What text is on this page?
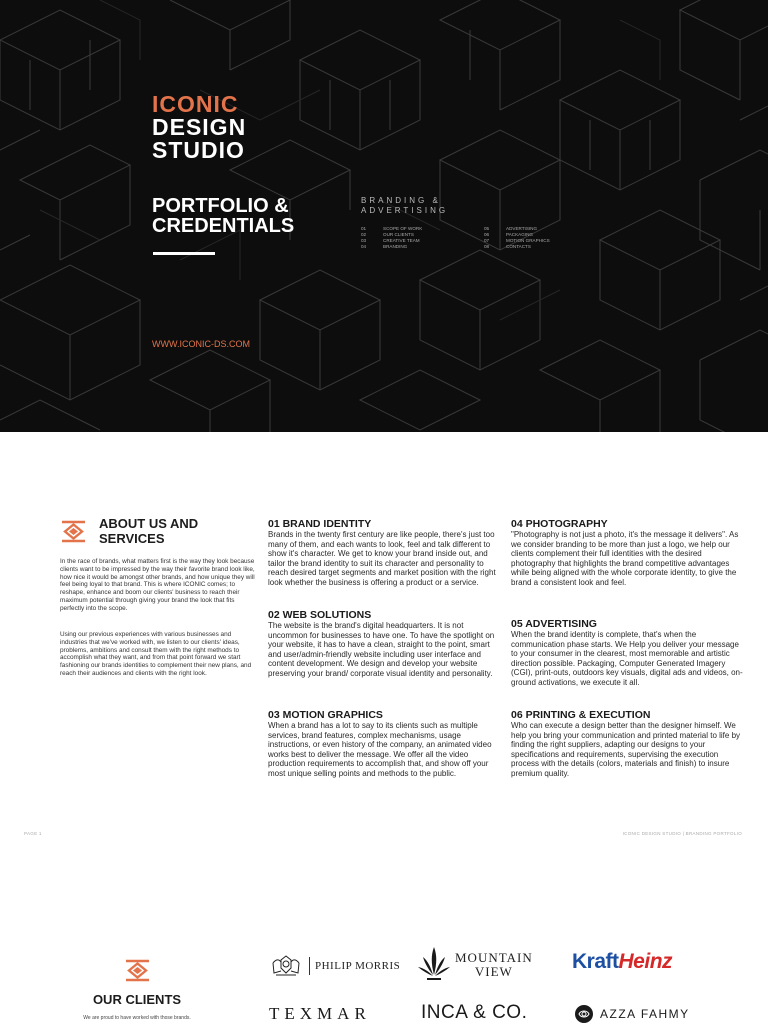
ICONIC
DESIGN
STUDIO
PORTFOLIO &
CREDENTIALS
BRANDING &
ADVERTISING
01	SCOPE OF WORK
02	OUR CLIENTS
03	CREATIVE TEAM
04	BRANDING
05	ADVERTISING
06	PACKAGING
07	MOTION GRAPHICS
08	CONTACTS
WWW.ICONIC-DS.COM
ABOUT US AND
SERVICES

In the race of brands, what matters first is the way they look because clients want to be impressed by the way their favorite brand look like, how nice it would be amongst other brands, and how unique they will feel being loyal to that brand. This is where ICONIC comes; to reshape, enhance and boom our clients' business to reach their maximum potential through giving your brand the look that fits perfectly into the scope.

Using our previous experiences with various businesses and industries that we've worked with, we listen to our clients' ideas, problems, ambitions and consult them with the right methods to accomplish what they want, and from that point forward we start fashioning our brands identities to complement their new plans, and reach their audiences and clients with the right look.

01 BRAND IDENTITY

Brands in the twenty first century are like people, there's just too many of them, and each wants to look, feel and talk different to show it's character. We get to know your brand inside out, and tailor the brand identity to suit its character and personality to reach desired target segments and market position with the right look whether the business is offering a product or a service.

02 WEB SOLUTIONS

The website is the brand's digital headquarters. It is not uncommon for businesses to have one. To have the spotlight on your website, it has to have a clean, straight to the point, smart and user/admin-friendly website including user interface and content development. We design and develop your website preserving your brand/ corporate visual identity and personality.

03 MOTION GRAPHICS

When a brand has a lot to say to its clients such as multiple services, brand features, complex mechanisms, usage instructions, or even history of the company, an animated video works best to deliver the message. We offer all the video production requirements to accomplish that, and show off your most unique selling points and methods to the public.

04 PHOTOGRAPHY

"Photography is not just a photo, it's the message it delivers". As we consider branding to be more than just a logo, we help our clients complement their full identities with the desired photography that highlights the brand competitive advantages while being aligned with the whole corporate identity, to give the brand a consistent look and feel.

05 ADVERTISING

When the brand identity is complete, that's when the communication phase starts. We Help you deliver your message to your consumer in the clearest, most memorable and artistic direction possible. Packaging, Computer Generated Imagery (CGI), print-outs, outdoors key visuals, digital ads and videos, on-ground activations, we execute it all.

06 PRINTING & EXECUTION

Who can execute a design better than the designer himself. We help you bring your communication and printed material to life by finding the right suppliers, adapting our designs to your specifications and requirements, supervising the execution process with the details (colors, materials and finish) to insure premium quality.

PAGE 1	ICONIC DESIGN STUDIO | BRANDING PORTFOLIO
OUR CLIENTS
We are proud to have worked with those brands.
PHILIP MORRIS
MOUNTAIN
VIEW	KraftHeinz
TEXMAR	INCA & CO.	AZZA FAHMY
